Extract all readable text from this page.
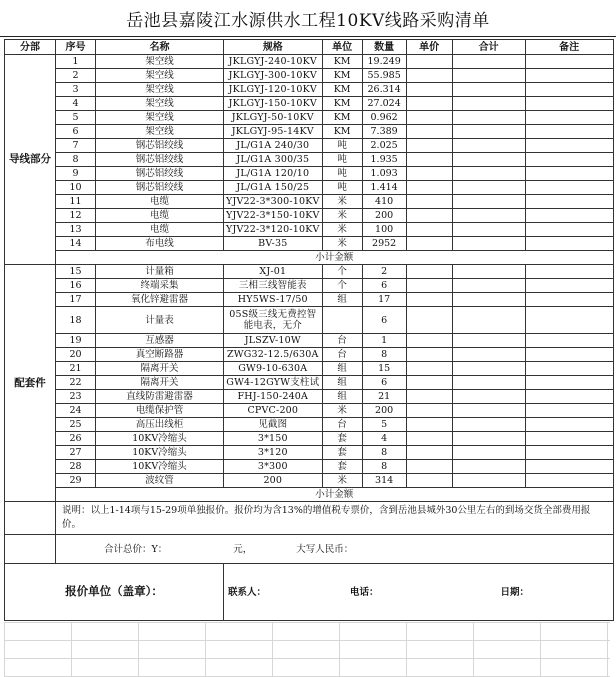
岳池县嘉陵江水源供水工程10KV线路采购清单
分部	序号	名称	规格	单位	数量	单价	合计	备注
导线部分	1	架空线	JKLGYJ-240-10KV	KM	19.249			
	2	架空线	JKLGYJ-300-10KV	KM	55.985			
	3	架空线	JKLGYJ-120-10KV	KM	26.314			
	4	架空线	JKLGYJ-150-10KV	KM	27.024			
	5	架空线	JKLGYJ-50-10KV	KM	0.962			
	6	架空线	JKLGYJ-95-14KV	KM	7.389			
	7	钢芯铝绞线	JL/G1A 240/30	吨	2.025			
	8	钢芯铝绞线	JL/G1A 300/35	吨	1.935			
	9	钢芯铝绞线	JL/G1A 120/10	吨	1.093			
	10	钢芯铝绞线	JL/G1A 150/25	吨	1.414			
	11	电缆	YJV22-3*300-10KV	米	410			
	12	电缆	YJV22-3*150-10KV	米	200			
	13	电缆	YJV22-3*120-10KV	米	100			
	14	布电线	BV-35	米	2952			
	小计金额							
配套件	15	计量箱	XJ-01	个	2			
	16	终端采集	三相三线智能表	个	6			
	17	氧化锌避雷器	HY5WS-17/50	组	17			
	18	计量表	05S级三线无费控智能电表，无介		6			
	19	互感器	JLSZV-10W	台	1			
	20	真空断路器	ZWG32-12.5/630A	台	8			
	21	隔离开关	GW9-10-630A	组	15			
	22	隔离开关	GW4-12GYW支柱试	组	6			
	23	直线防雷避雷器	FHJ-150-240A	组	21			
	24	电缆保护管	CPVC-200	米	200			
	25	高压出线柜	见截图	台	5			
	26	10KV冷缩头	3*150	套	4			
	27	10KV冷缩头	3*120	套	8			
	28	10KV冷缩头	3*300	套	8			
	29	波纹管	200	米	314			
	小计金额							
	说明：以上1-14项与15-29项单独报价。报价均为含13%的增值税专票价，含到岳池县城外30公里左右的到场交货全部费用报价。							
	合计总价：Y： 元， 大写人民币：							
报价单位（盖章）：			联系人： 电话： 日期：					
